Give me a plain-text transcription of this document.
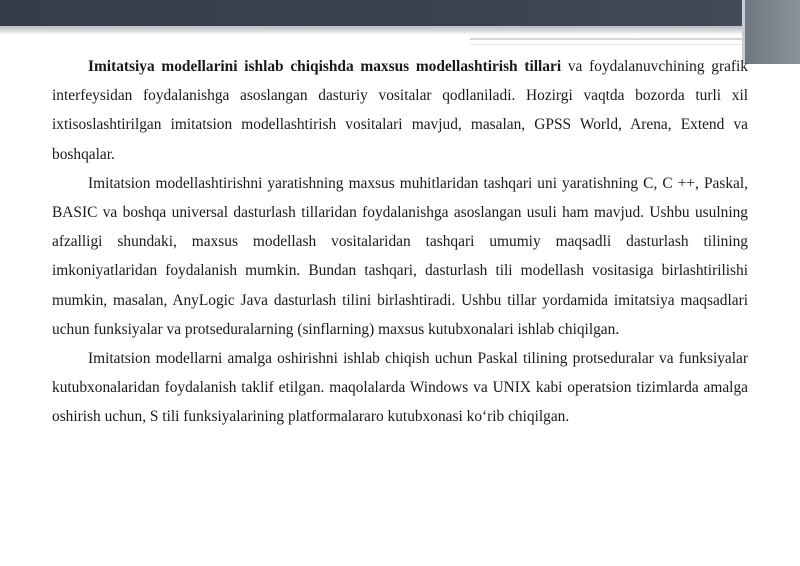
Imitatsiya modellarini ishlab chiqishda maxsus modellashtirish tillari va foydalanuvchining grafik interfeysidan foydalanishga asoslangan dasturiy vositalar qodlaniladi. Hozirgi vaqtda bozorda turli xil ixtisoslashtirilgan imitatsion modellashtirish vositalari mavjud, masalan, GPSS World, Arena, Extend va boshqalar.

Imitatsion modellashtirishni yaratishning maxsus muhitlaridan tashqari uni yaratishning C, C ++, Paskal, BASIC va boshqa universal dasturlash tillaridan foydalanishga asoslangan usuli ham mavjud. Ushbu usulning afzalligi shundaki, maxsus modellash vositalaridan tashqari umumiy maqsadli dasturlash tilining imkoniyatlaridan foydalanish mumkin. Bundan tashqari, dasturlash tili modellash vositasiga birlashtirilishi mumkin, masalan, AnyLogic Java dasturlash tilini birlashtiradi. Ushbu tillar yordamida imitatsiya maqsadlari uchun funksiyalar va protseduralarning (sinflarning) maxsus kutubxonalari ishlab chiqilgan.

Imitatsion modellarni amalga oshirishni ishlab chiqish uchun Paskal tilining protseduralar va funksiyalar kutubxonalaridan foydalanish taklif etilgan. maqolalarda Windows va UNIX kabi operatsion tizimlarda amalga oshirish uchun, S tili funksiyalarining platformalararo kutubxonasi ko‘rib chiqilgan.
